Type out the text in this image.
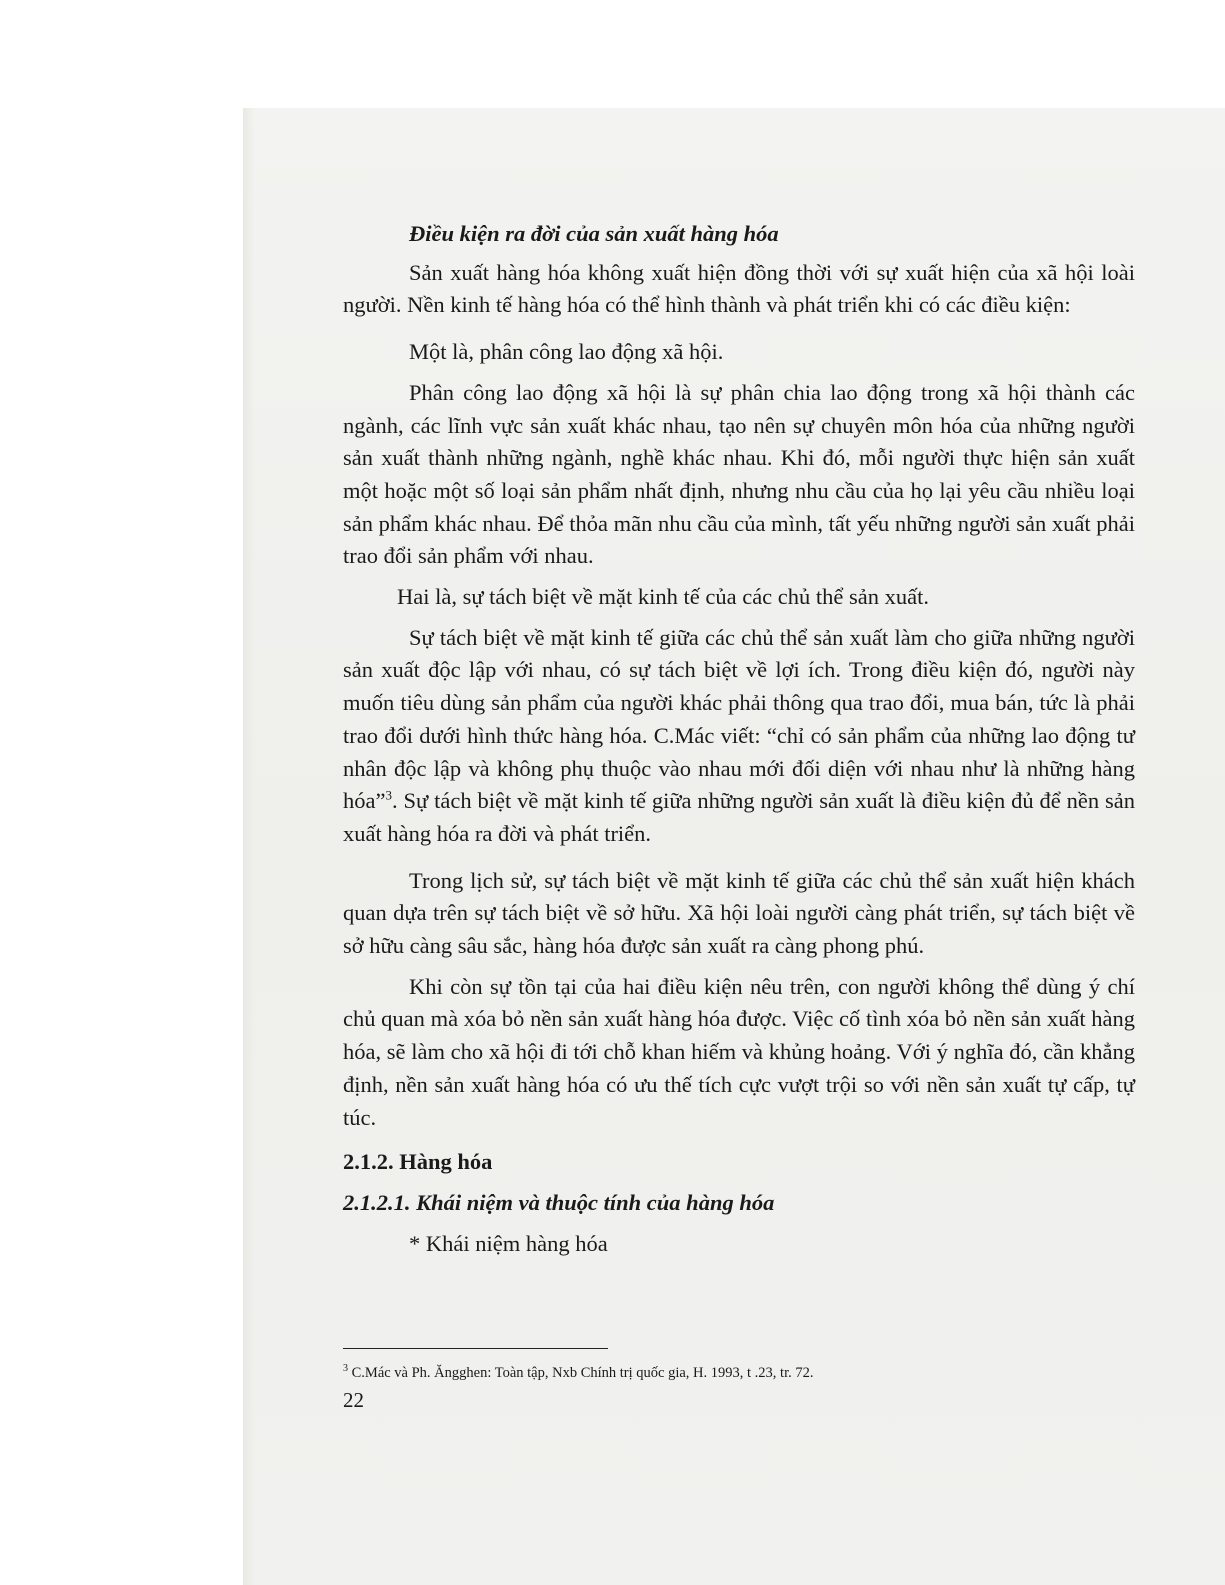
Điều kiện ra đời của sản xuất hàng hóa

Sản xuất hàng hóa không xuất hiện đồng thời với sự xuất hiện của xã hội loài người. Nền kinh tế hàng hóa có thể hình thành và phát triển khi có các điều kiện:

Một là, phân công lao động xã hội.

Phân công lao động xã hội là sự phân chia lao động trong xã hội thành các ngành, các lĩnh vực sản xuất khác nhau, tạo nên sự chuyên môn hóa của những người sản xuất thành những ngành, nghề khác nhau. Khi đó, mỗi người thực hiện sản xuất một hoặc một số loại sản phẩm nhất định, nhưng nhu cầu của họ lại yêu cầu nhiều loại sản phẩm khác nhau. Để thỏa mãn nhu cầu của mình, tất yếu những người sản xuất phải trao đổi sản phẩm với nhau.

Hai là, sự tách biệt về mặt kinh tế của các chủ thể sản xuất.

Sự tách biệt về mặt kinh tế giữa các chủ thể sản xuất làm cho giữa những người sản xuất độc lập với nhau, có sự tách biệt về lợi ích. Trong điều kiện đó, người này muốn tiêu dùng sản phẩm của người khác phải thông qua trao đổi, mua bán, tức là phải trao đổi dưới hình thức hàng hóa. C.Mác viết: “chỉ có sản phẩm của những lao động tư nhân độc lập và không phụ thuộc vào nhau mới đối diện với nhau như là những hàng hóa”$^3$. Sự tách biệt về mặt kinh tế giữa những người sản xuất là điều kiện đủ để nền sản xuất hàng hóa ra đời và phát triển.

Trong lịch sử, sự tách biệt về mặt kinh tế giữa các chủ thể sản xuất hiện khách quan dựa trên sự tách biệt về sở hữu. Xã hội loài người càng phát triển, sự tách biệt về sở hữu càng sâu sắc, hàng hóa được sản xuất ra càng phong phú.

Khi còn sự tồn tại của hai điều kiện nêu trên, con người không thể dùng ý chí chủ quan mà xóa bỏ nền sản xuất hàng hóa được. Việc cố tình xóa bỏ nền sản xuất hàng hóa, sẽ làm cho xã hội đi tới chỗ khan hiếm và khủng hoảng. Với ý nghĩa đó, cần khẳng định, nền sản xuất hàng hóa có ưu thế tích cực vượt trội so với nền sản xuất tự cấp, tự túc.

2.1.2. Hàng hóa

2.1.2.1. Khái niệm và thuộc tính của hàng hóa

* Khái niệm hàng hóa

$^3$ C.Mác và Ph. Ăngghen: Toàn tập, Nxb Chính trị quốc gia, H. 1993, t .23, tr. 72.
22
